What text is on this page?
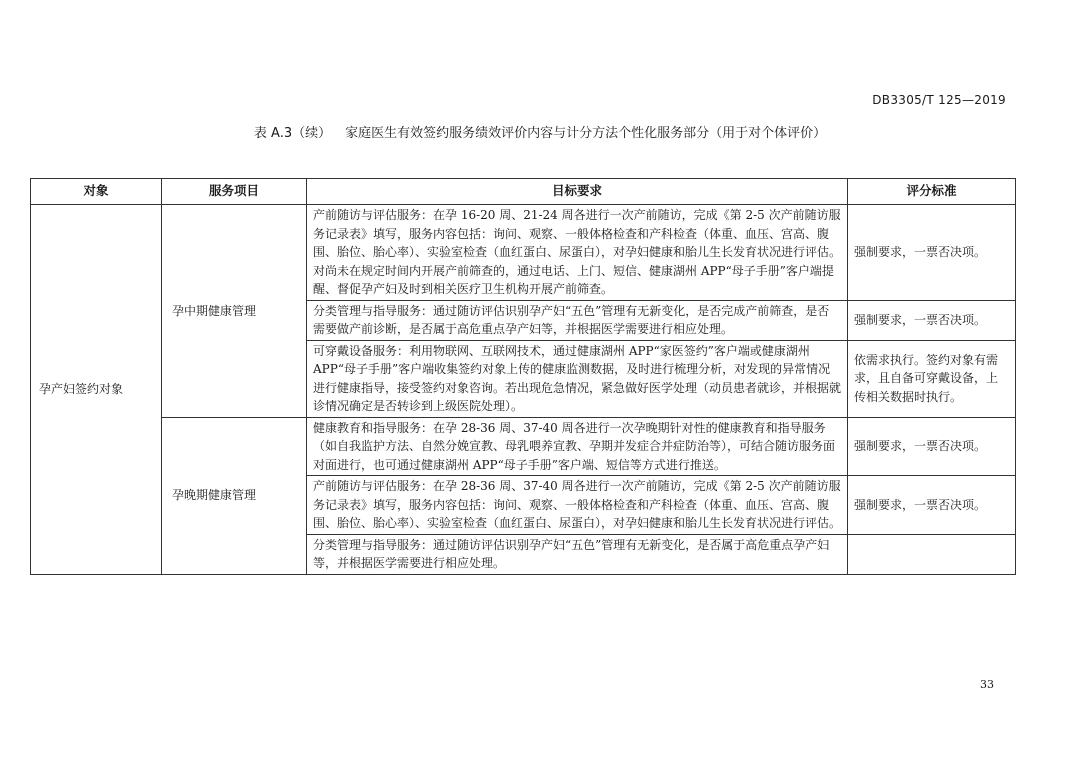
DB3305/T 125—2019
表 A.3（续） 家庭医生有效签约服务绩效评价内容与计分方法个性化服务部分（用于对个体评价）
对象	服务项目	目标要求	评分标准
孕产妇签约对象	孕中期健康管理	产前随访与评估服务：在孕 16-20 周、21-24 周各进行一次产前随访，完成《第 2-5 次产前随访服务记录表》填写，服务内容包括：询问、观察、一般体格检查和产科检查（体重、血压、宫高、腹围、胎位、胎心率）、实验室检查（血红蛋白、尿蛋白），对孕妇健康和胎儿生长发育状况进行评估。对尚未在规定时间内开展产前筛查的，通过电话、上门、短信、健康湖州 APP“母子手册”客户端提醒、督促孕产妇及时到相关医疗卫生机构开展产前筛查。	强制要求，一票否决项。
		分类管理与指导服务：通过随访评估识别孕产妇“五色”管理有无新变化，是否完成产前筛查，是否需要做产前诊断，是否属于高危重点孕产妇等，并根据医学需要进行相应处理。	强制要求，一票否决项。
		可穿戴设备服务：利用物联网、互联网技术，通过健康湖州 APP“家医签约”客户端或健康湖州 APP“母子手册”客户端收集签约对象上传的健康监测数据，及时进行梳理分析，对发现的异常情况进行健康指导，接受签约对象咨询。若出现危急情况，紧急做好医学处理（动员患者就诊，并根据就诊情况确定是否转诊到上级医院处理）。	依需求执行。签约对象有需求，且自备可穿戴设备，上传相关数据时执行。
	孕晚期健康管理	健康教育和指导服务：在孕 28-36 周、37-40 周各进行一次孕晚期针对性的健康教育和指导服务（如自我监护方法、自然分娩宣教、母乳喂养宣教、孕期并发症合并症防治等），可结合随访服务面对面进行，也可通过健康湖州 APP“母子手册”客户端、短信等方式进行推送。	强制要求，一票否决项。
		产前随访与评估服务：在孕 28-36 周、37-40 周各进行一次产前随访，完成《第 2-5 次产前随访服务记录表》填写，服务内容包括：询问、观察、一般体格检查和产科检查（体重、血压、宫高、腹围、胎位、胎心率）、实验室检查（血红蛋白、尿蛋白），对孕妇健康和胎儿生长发育状况进行评估。	强制要求，一票否决项。
		分类管理与指导服务：通过随访评估识别孕产妇“五色”管理有无新变化，是否属于高危重点孕产妇等，并根据医学需要进行相应处理。	
33
